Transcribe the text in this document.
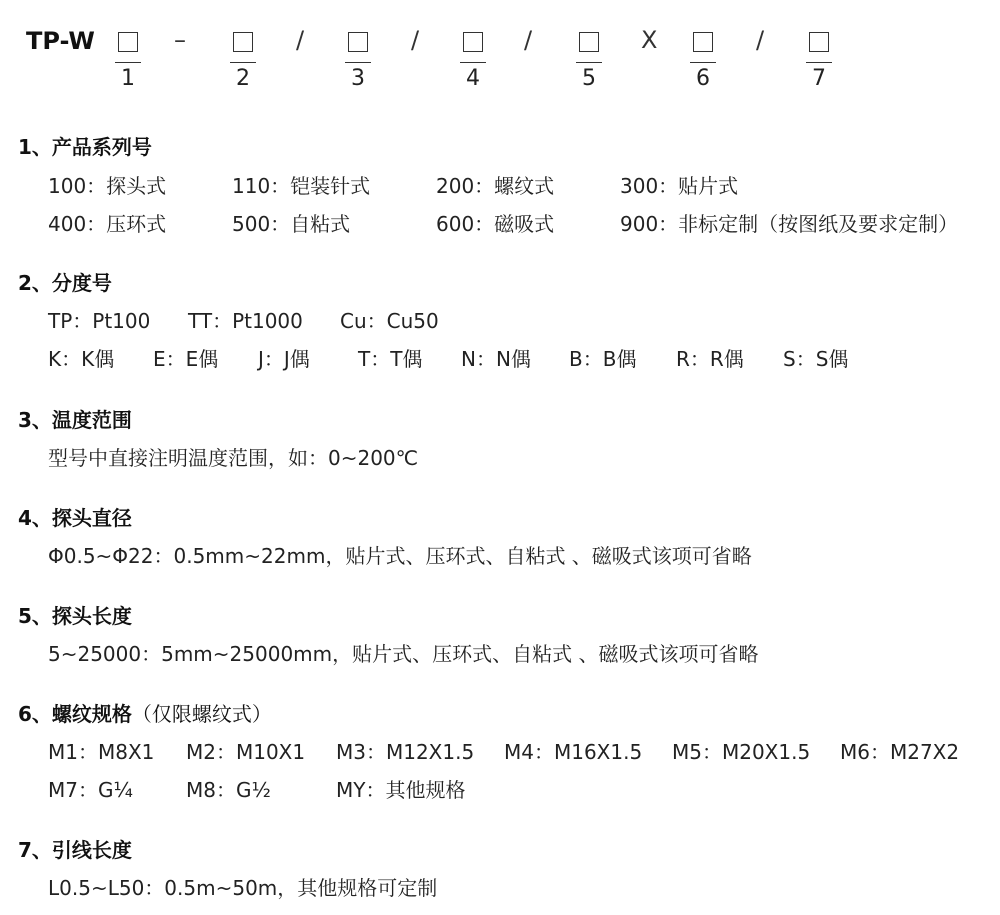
TP-W
1	2	3	4	5	6	7
–	/	/	/	X	/
1、产品系列号
100：探头式	110：铠装针式	200：螺纹式	300：贴片式
400：压环式	500：自粘式	600：磁吸式	900：非标定制（按图纸及要求定制）
2、分度号
TP：Pt100 TT：Pt1000 Cu：Cu50
K：K偶 E：E偶 J：J偶 T：T偶 N：N偶 B：B偶 R：R偶 S：S偶
3、温度范围
型号中直接注明温度范围，如：0~200℃
4、探头直径
Φ0.5~Φ22：0.5mm~22mm，贴片式、压环式、自粘式 、磁吸式该项可省略
5、探头长度
5~25000：5mm~25000mm，贴片式、压环式、自粘式 、磁吸式该项可省略
6、螺纹规格（仅限螺纹式）
M1：M8X1 M2：M10X1 M3：M12X1.5 M4：M16X1.5 M5：M20X1.5 M6：M27X2
M7：G¼	M8：G½	MY：其他规格
7、引线长度
L0.5~L50：0.5m~50m，其他规格可定制
